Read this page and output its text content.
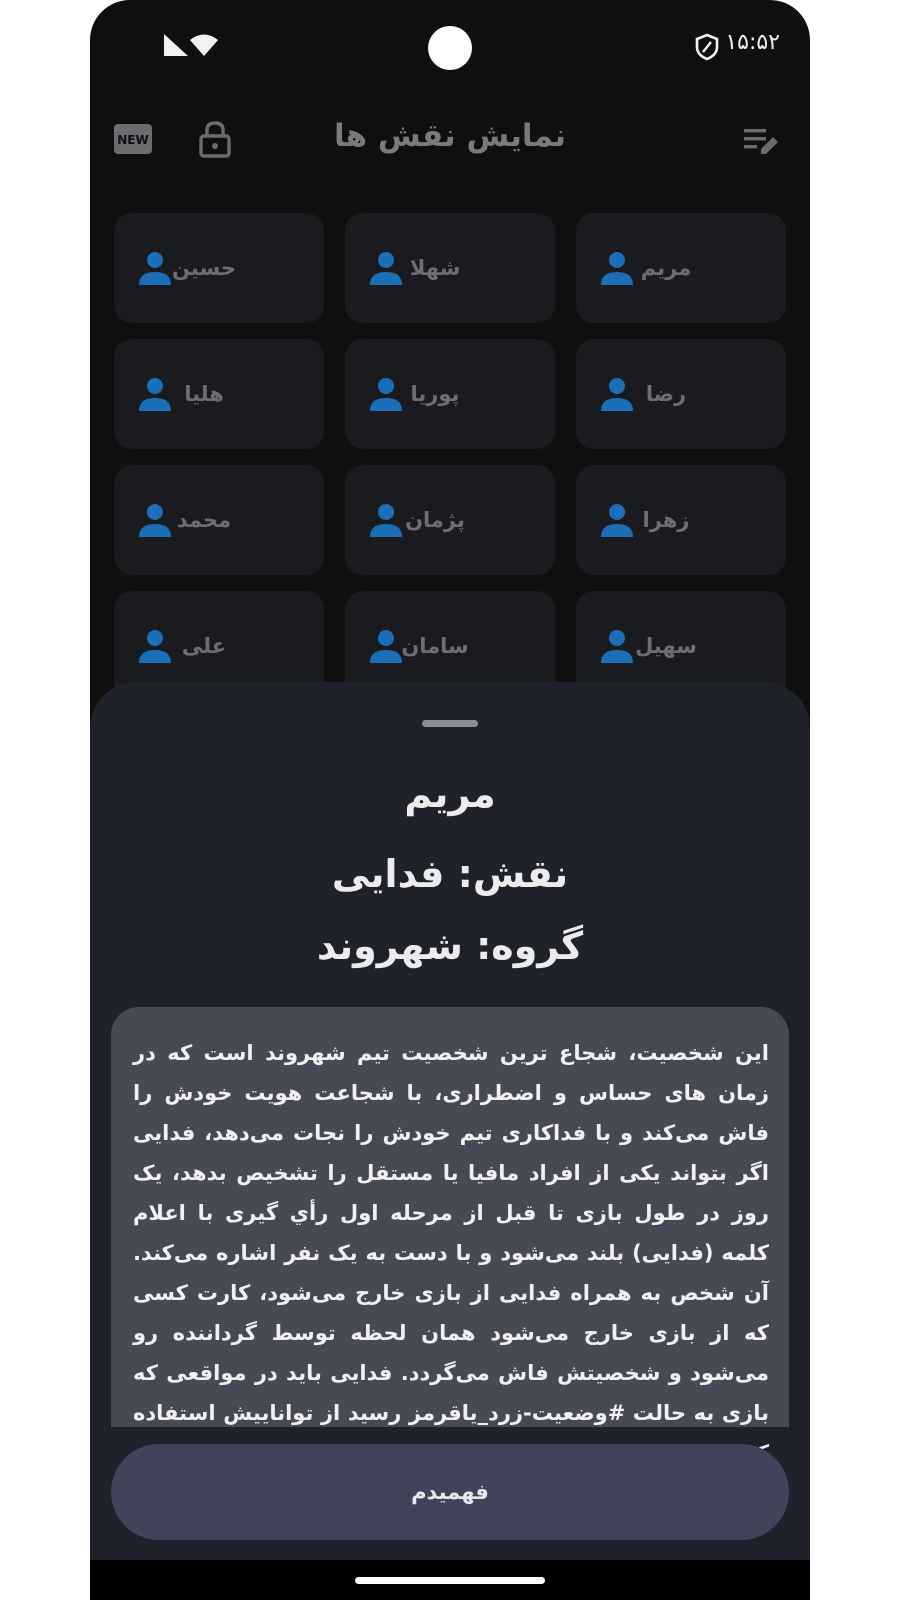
۱۵:۵۲
NEW	نمایش نقش ها
مریم
شهلا
حسین
رضا
پوریا
هلیا
زهرا
پژمان
محمد
سهیل
سامان
علی
مریم
نقش: فدایی
گروه: شهروند
این شخصیت، شجاع ترین شخصیت تیم شهروند است که در زمان های حساس و اضطراری، با شجاعت هویت خودش را فاش می‌کند و با فداکاری تیم خودش را نجات می‌دهد، فدایی اگر بتواند یکی از افراد مافیا یا مستقل را تشخیص بدهد، یک روز در طول بازی تا قبل از مرحله اول رأي گیری با اعلام کلمه (فدایی) بلند می‌شود و با دست به یک نفر اشاره می‌کند. آن شخص به همراه فدایی از بازی خارج می‌شود، کارت کسی که از بازی خارج می‌شود همان لحظه توسط گرداننده رو می‌شود و شخصیتش فاش می‌گردد. فدایی باید در مواقعی که بازی به حالت #وضعیت-زرد_یاقرمز رسید از تواناییش استفاده
فهمیدم
